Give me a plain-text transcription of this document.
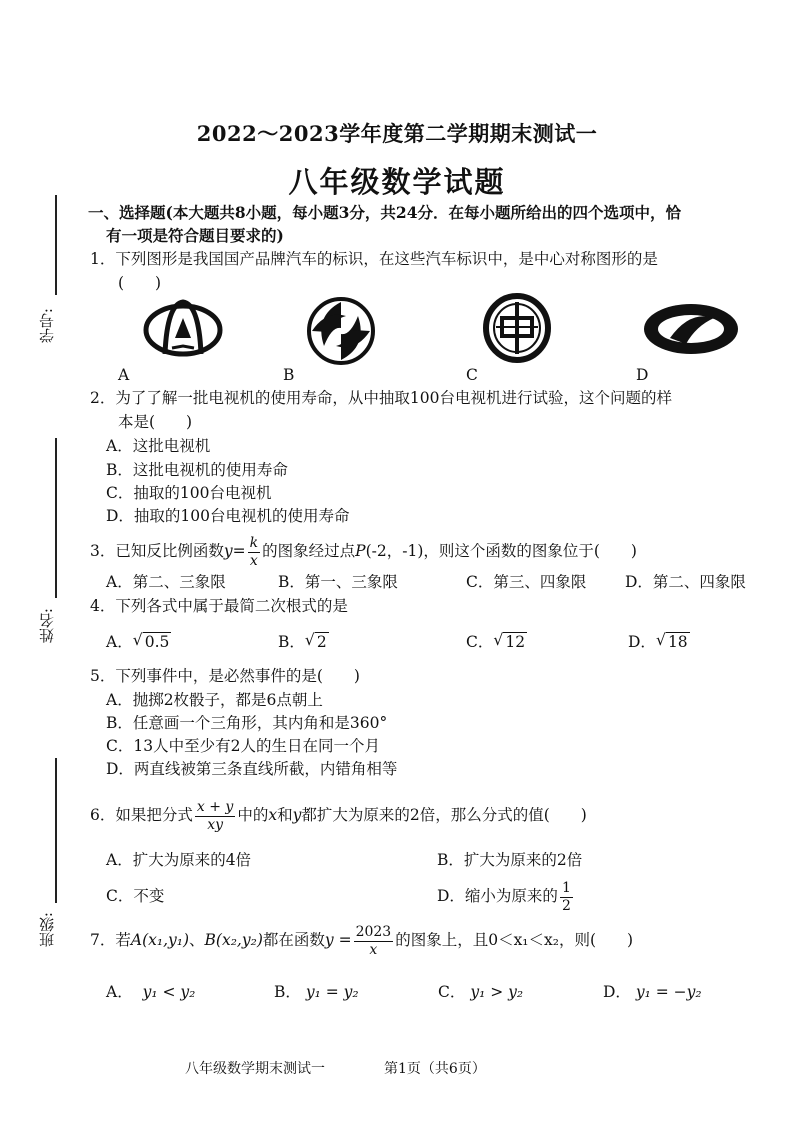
2022～2023学年度第二学期期末测试一
八年级数学试题
学号:
姓名:
班级:
一、选择题(本大题共8小题，每小题3分，共24分．在每小题所给出的四个选项中，恰
有一项是符合题目要求的)
1．下列图形是我国国产品牌汽车的标识，在这些汽车标识中，是中心对称图形的是
(　　)
A	B	C	D
2．为了了解一批电视机的使用寿命，从中抽取100台电视机进行试验，这个问题的样
本是(　　)
A．这批电视机
B．这批电视机的使用寿命
C．抽取的100台电视机
D．抽取的100台电视机的使用寿命
3．已知反比例函数$y= \frac{k}{x}$ 的图象经过点P(-2，-1)，则这个函数的图象位于(　　)
A．第二、三象限	B．第一、三象限	C．第三、四象限 D．第二、四象限
4．下列各式中属于最简二次根式的是
A． √ 0.5	B． √ 2	C． √ 12	D． √ 18
5．下列事件中，是必然事件的是(　　)
A．抛掷2枚骰子，都是6点朝上
B．任意画一个三角形，其内角和是360°
C．13人中至少有2人的生日在同一个月
D．两直线被第三条直线所截，内错角相等
6．如果把分式 $\frac{x + y}{xy}$ 中的x和y都扩大为原来的2倍，那么分式的值(　　)
A．扩大为原来的4倍	B．扩大为原来的2倍
C．不变	D．缩小为原来的 $\frac{1}{2}$
7．若A(x₁,y₁)、B(x₂,y₂)都在函数$y = \frac{2023}{x}$ 的图象上，且0＜x₁＜x₂，则(　　)
A． y₁ < y₂	B． y₁ = y₂	C． y₁ > y₂	D． y₁ = −y₂
八年级数学期末测试一	第1页（共6页）
